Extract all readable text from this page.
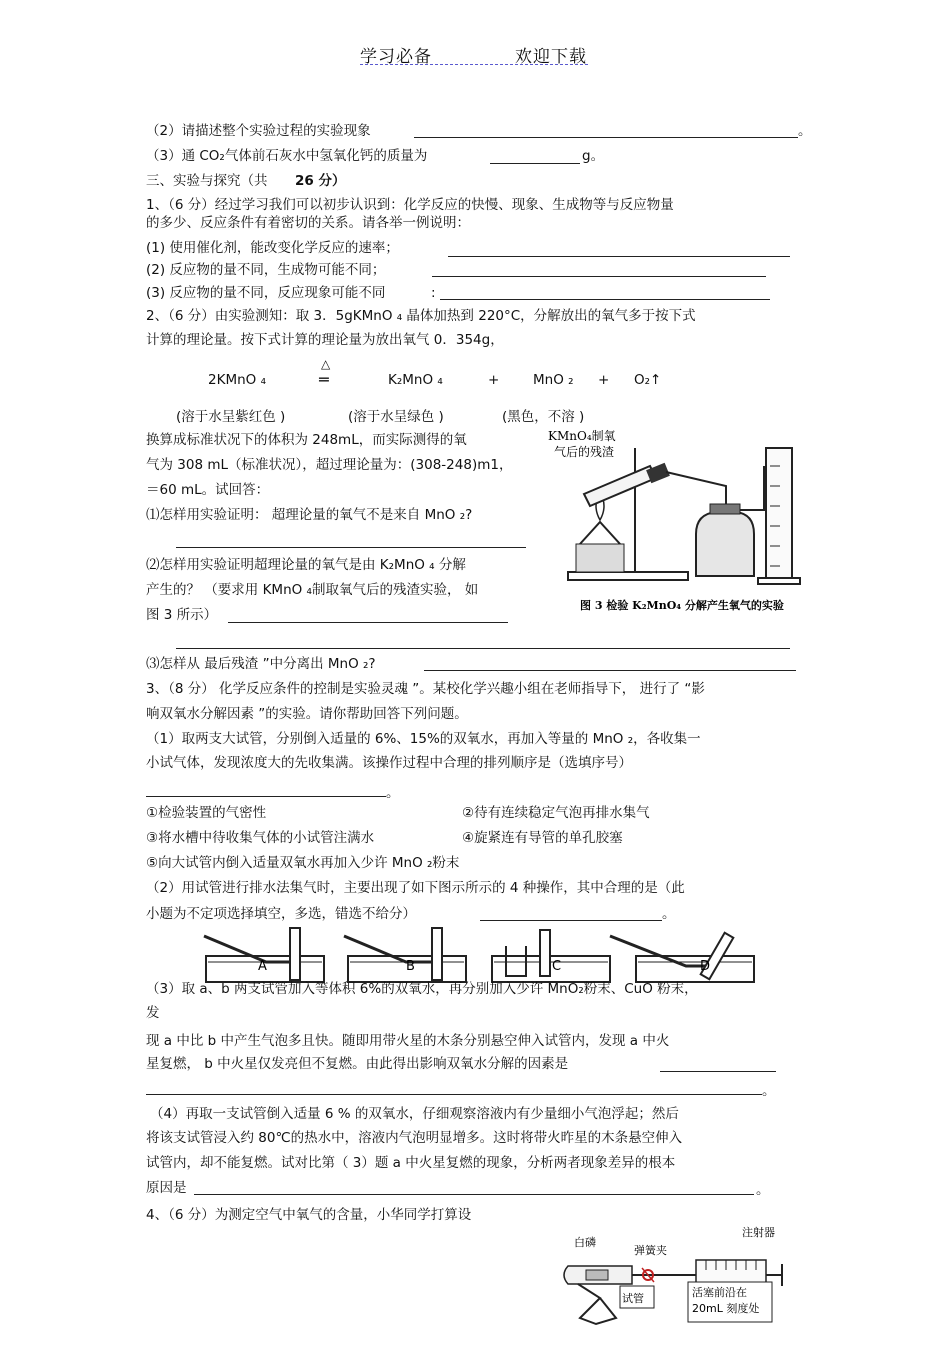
学习必备	欢迎下载
（2）请描述整个实验过程的实验现象	。
（3）通 CO₂气体前石灰水中氢氧化钙的质量为	g。
三、实验与探究（共 26 分）
1、（6 分）经过学习我们可以初步认识到：化学反应的快慢、现象、生成物等与反应物量
的多少、反应条件有着密切的关系。请各举一例说明：
(1) 使用催化剂，能改变化学反应的速率；
(2) 反应物的量不同，生成物可能不同；
(3) 反应物的量不同，反应现象可能不同	:
2、（6 分）由实验测知：取 3．5gKMnO ₄ 晶体加热到 220°C，分解放出的氧气多于按下式
计算的理论量。按下式计算的理论量为放出氧气 0．354g，
2KMnO ₄
△
═	K₂MnO ₄	+ MnO ₂ + O₂↑
(溶于水呈紫红色 )	(溶于水呈绿色 )	(黑色，不溶 )
换算成标准状况下的体积为 248mL，而实际测得的氧
气为 308 mL（标准状况），超过理论量为：(308-248)m1，
＝60 mL。试回答：
⑴怎样用实验证明： 超理论量的氧气不是来自 MnO ₂?
⑵怎样用实验证明超理论量的氧气是由 K₂MnO ₄ 分解
产生的？ （要求用 KMnO ₄制取氧气后的残渣实验， 如
图 3 所示）
⑶怎样从 最后残渣 ”中分离出 MnO ₂?
KMnO₄制氧
气后的残渣
图 3 检验 K₂MnO₄ 分解产生氧气的实验
3、（8 分） 化学反应条件的控制是实验灵魂 ”。某校化学兴趣小组在老师指导下， 进行了 “影
响双氧水分解因素 ”的实验。请你帮助回答下列问题。
（1）取两支大试管，分别倒入适量的 6%、15%的双氧水，再加入等量的 MnO ₂，各收集一
小试气体，发现浓度大的先收集满。该操作过程中合理的排列顺序是（选填序号）
。
①检验装置的气密性	②待有连续稳定气泡再排水集气
③将水槽中待收集气体的小试管注满水	④旋紧连有导管的单孔胶塞
⑤向大试管内倒入适量双氧水再加入少许 MnO ₂粉末
（2）用试管进行排水法集气时，主要出现了如下图示所示的 4 种操作，其中合理的是（此
小题为不定项选择填空，多选，错选不给分）	。
A	B	C	D
（3）取 a、b 两支试管加入等体积 6%的双氧水，再分别加入少许 MnO₂粉末、CuO 粉末，
发
现 a 中比 b 中产生气泡多且快。随即用带火星的木条分别悬空伸入试管内，发现 a 中火
星复燃， b 中火星仅发亮但不复燃。由此得出影响双氧水分解的因素是
。
（4）再取一支试管倒入适量 6 % 的双氧水，仔细观察溶液内有少量细小气泡浮起；然后
将该支试管浸入约 80℃的热水中，溶液内气泡明显增多。这时将带火昨星的木条悬空伸入
试管内，却不能复燃。试对比第（ 3）题 a 中火星复燃的现象，分析两者现象差异的根本
原因是	。
4、（6 分）为测定空气中氧气的含量，小华同学打算设
白磷
弹簧夹
注射器
试管	活塞前沿在
20mL 刻度处
